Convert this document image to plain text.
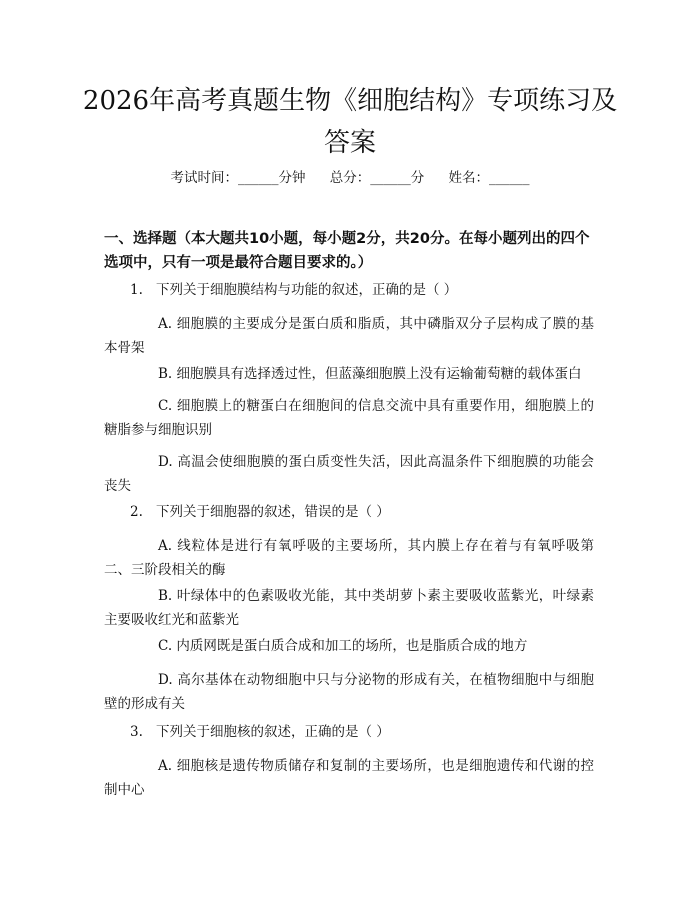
2026年高考真题生物《细胞结构》专项练习及答案
考试时间：______分钟 总分：______分 姓名：______
一、选择题（本大题共10小题，每小题2分，共20分。在每小题列出的四个选项中，只有一项是最符合题目要求的。）
1. 下列关于细胞膜结构与功能的叙述，正确的是（ ）
A. 细胞膜的主要成分是蛋白质和脂质，其中磷脂双分子层构成了膜的基本骨架
B. 细胞膜具有选择透过性，但蓝藻细胞膜上没有运输葡萄糖的载体蛋白
C. 细胞膜上的糖蛋白在细胞间的信息交流中具有重要作用，细胞膜上的糖脂参与细胞识别
D. 高温会使细胞膜的蛋白质变性失活，因此高温条件下细胞膜的功能会丧失
2. 下列关于细胞器的叙述，错误的是（ ）
A. 线粒体是进行有氧呼吸的主要场所，其内膜上存在着与有氧呼吸第二、三阶段相关的酶
B. 叶绿体中的色素吸收光能，其中类胡萝卜素主要吸收蓝紫光，叶绿素主要吸收红光和蓝紫光
C. 内质网既是蛋白质合成和加工的场所，也是脂质合成的地方
D. 高尔基体在动物细胞中只与分泌物的形成有关，在植物细胞中与细胞壁的形成有关
3. 下列关于细胞核的叙述，正确的是（ ）
A. 细胞核是遗传物质储存和复制的主要场所，也是细胞遗传和代谢的控制中心
